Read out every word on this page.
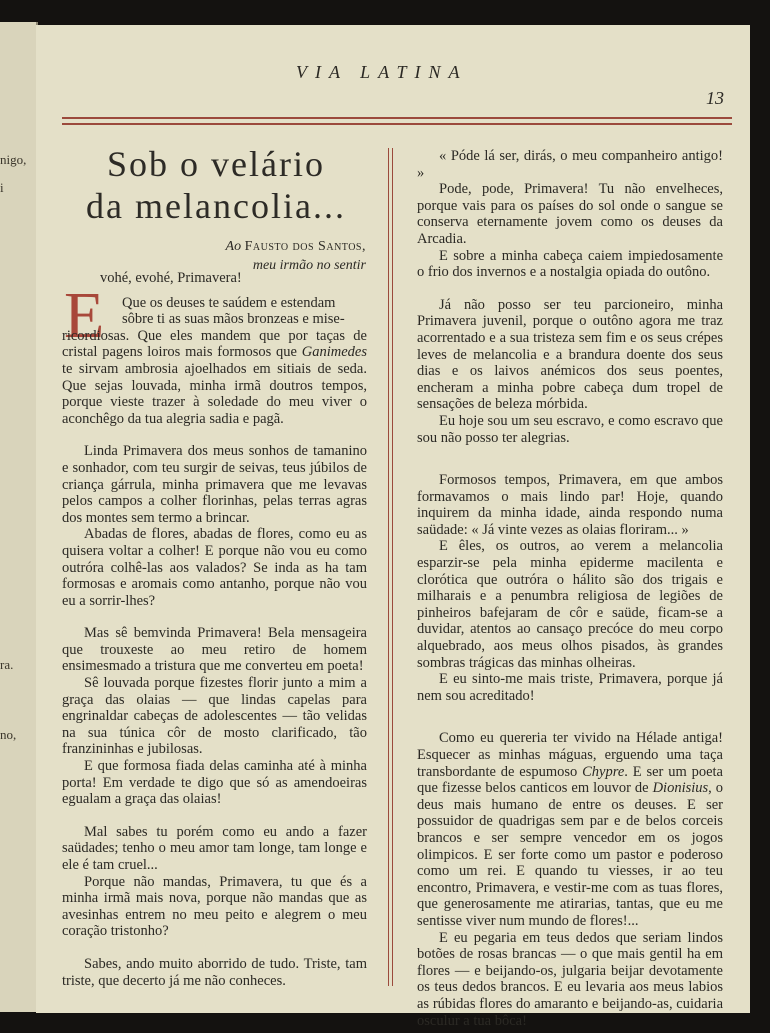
nigo,
i
ra.
no,
VIA LATINA
13
Sob o velário
da melancolia...
Ao Fausto dos Santos,
meu irmão no sentir
E

vohé, evohé, Primavera!

Que os deuses te saúdem e estendam

sôbre ti as suas mãos bronzeas e mise-

ricordiosas. Que eles mandem que por taças de cristal pagens loiros mais formosos que Ganimedes te sirvam ambrosia ajoelhados em sitiais de seda. Que sejas louvada, minha irmã doutros tempos, porque vieste trazer à soledade do meu viver o aconchêgo da tua alegria sadia e pagã.

Linda Primavera dos meus sonhos de tamanino e sonhador, com teu surgir de seivas, teus júbilos de criança gárrula, minha primavera que me levavas pelos campos a colher florinhas, pelas terras agras dos montes sem termo a brincar.

Abadas de flores, abadas de flores, como eu as quisera voltar a colher! E porque não vou eu como outróra colhê-las aos valados? Se inda as ha tam formosas e aromais como antanho, porque não vou eu a sorrir-lhes?

Mas sê bemvinda Primavera! Bela mensageira que trouxeste ao meu retiro de homem ensimesmado a tristura que me converteu em poeta!

Sê louvada porque fizestes florir junto a mim a graça das olaias — que lindas capelas para engrinaldar cabeças de adolescentes — tão velidas na sua túnica côr de mosto clarificado, tão franzininhas e jubilosas.

E que formosa fiada delas caminha até à minha porta! Em verdade te digo que só as amendoeiras egualam a graça das olaias!

Mal sabes tu porém como eu ando a fazer saüdades; tenho o meu amor tam longe, tam longe e ele é tam cruel...

Porque não mandas, Primavera, tu que és a minha irmã mais nova, porque não mandas que as avesinhas entrem no meu peito e alegrem o meu coração tristonho?

Sabes, ando muito aborrido de tudo. Triste, tam triste, que decerto já me não conheces.

« Póde lá ser, dirás, o meu companheiro antigo! »

Pode, pode, Primavera! Tu não envelheces, porque vais para os países do sol onde o sangue se conserva eternamente jovem como os deuses da Arcadia.

E sobre a minha cabeça caiem impiedosamente o frio dos invernos e a nostalgia opiada do outôno.

Já não posso ser teu parcioneiro, minha Primavera juvenil, porque o outôno agora me traz acorrentado e a sua tristeza sem fim e os seus crépes leves de melancolia e a brandura doente dos seus dias e os laivos anémicos dos seus poentes, encheram a minha pobre cabeça dum tropel de sensações de beleza mórbida.

Eu hoje sou um seu escravo, e como escravo que sou não posso ter alegrias.

Formosos tempos, Primavera, em que ambos formavamos o mais lindo par! Hoje, quando inquirem da minha idade, ainda respondo numa saüdade: « Já vinte vezes as olaias floriram... »

E êles, os outros, ao verem a melancolia esparzir-se pela minha epiderme macilenta e clorótica que outróra o hálito são dos trigais e milharais e a penumbra religiosa de legiões de pinheiros bafejaram de côr e saüde, ficam-se a duvidar, atentos ao cansaço precóce do meu corpo alquebrado, aos meus olhos pisados, às grandes sombras trágicas das minhas olheiras.

E eu sinto-me mais triste, Primavera, porque já nem sou acreditado!

Como eu quereria ter vivido na Hélade antiga! Esquecer as minhas máguas, erguendo uma taça transbordante de espumoso Chypre. E ser um poeta que fizesse belos canticos em louvor de Dionisius, o deus mais humano de entre os deuses. E ser possuidor de quadrigas sem par e de belos corceis brancos e ser sempre vencedor em os jogos olimpicos. E ser forte como um pastor e poderoso como um rei. E quando tu viesses, ir ao teu encontro, Primavera, e vestir-me com as tuas flores, que generosamente me atirarias, tantas, que eu me sentisse viver num mundo de flores!...

E eu pegaria em teus dedos que seriam lindos botões de rosas brancas — o que mais gentil ha em flores — e beijando-os, julgaria beijar devotamente os teus dedos brancos. E eu levaria aos meus labios as rúbidas flores do amaranto e beijando-as, cuidaria osculur a tua bôca!
